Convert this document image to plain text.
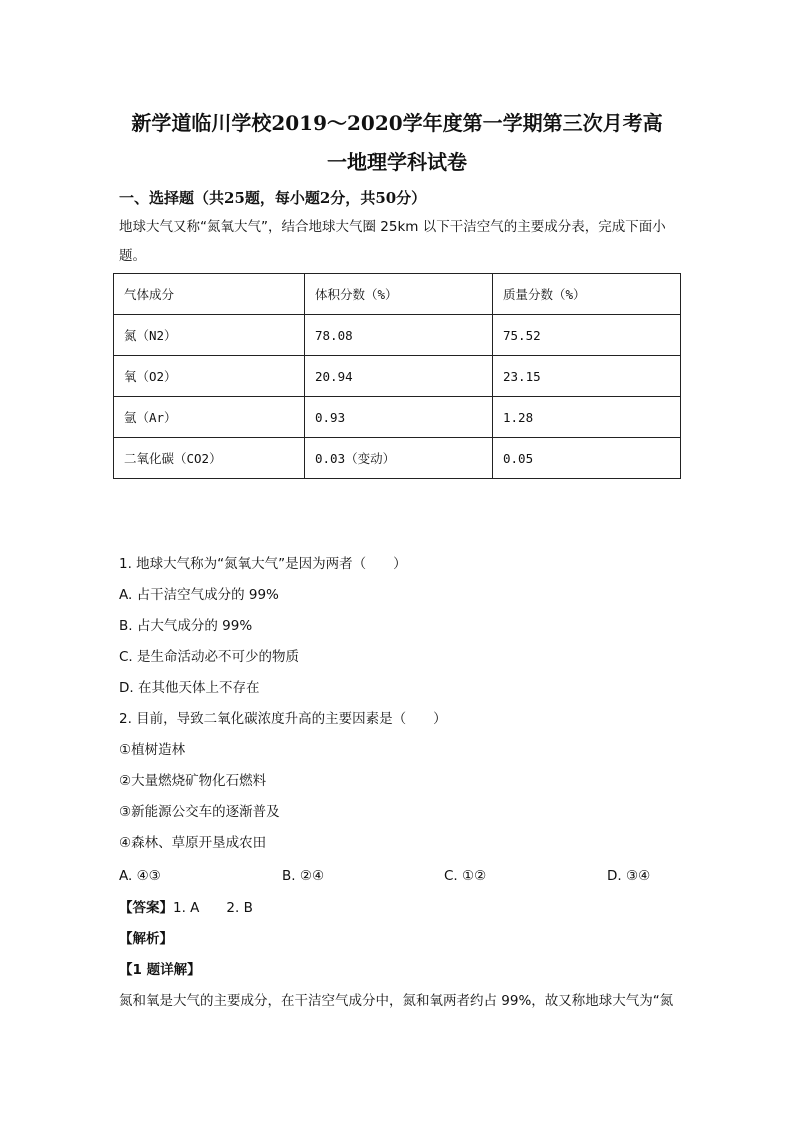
新学道临川学校2019～2020学年度第一学期第三次月考高
一地理学科试卷
一、选择题（共25题，每小题2分，共50分）
地球大气又称“氮氧大气”，结合地球大气圈 25km 以下干洁空气的主要成分表，完成下面小
题。
气体成分	体积分数（%）	质量分数（%）
氮（N2）	78.08	75.52
氧（O2）	20.94	23.15
氩（Ar）	0.93	1.28
二氧化碳（CO2）	0.03（变动）	0.05
1. 地球大气称为“氮氧大气”是因为两者（　　）
A. 占干洁空气成分的 99%
B. 占大气成分的 99%
C. 是生命活动必不可少的物质
D. 在其他天体上不存在
2. 目前，导致二氧化碳浓度升高的主要因素是（　　）
①植树造林
②大量燃烧矿物化石燃料
③新能源公交车的逐渐普及
④森林、草原开垦成农田
A. ④③	B. ②④	C. ①②	D. ③④
【答案】1. A　　2. B
【解析】
【1 题详解】
氮和氧是大气的主要成分，在干洁空气成分中，氮和氧两者约占 99%，故又称地球大气为“氮
